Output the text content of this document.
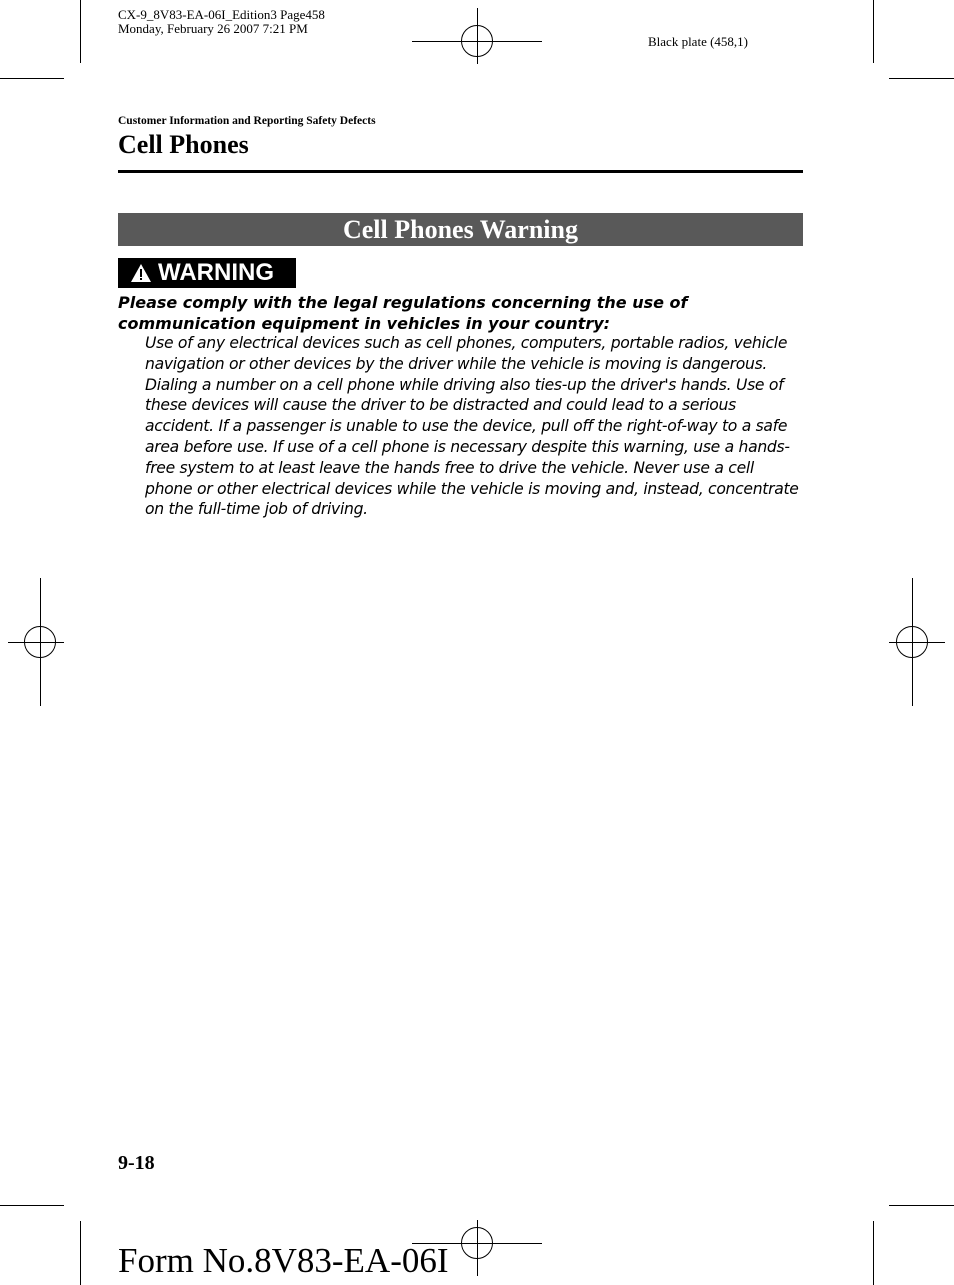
CX-9_8V83-EA-06I_Edition3 Page458
Monday, February 26 2007 7:21 PM
Black plate (458,1)
Customer Information and Reporting Safety Defects
Cell Phones
Cell Phones Warning
WARNING
Please comply with the legal regulations concerning the use of communication equipment in vehicles in your country:
Use of any electrical devices such as cell phones, computers, portable radios, vehicle navigation or other devices by the driver while the vehicle is moving is dangerous. Dialing a number on a cell phone while driving also ties-up the driver's hands. Use of these devices will cause the driver to be distracted and could lead to a serious accident. If a passenger is unable to use the device, pull off the right-of-way to a safe area before use. If use of a cell phone is necessary despite this warning, use a hands-free system to at least leave the hands free to drive the vehicle. Never use a cell phone or other electrical devices while the vehicle is moving and, instead, concentrate on the full-time job of driving.
9-18
Form No.8V83-EA-06I
